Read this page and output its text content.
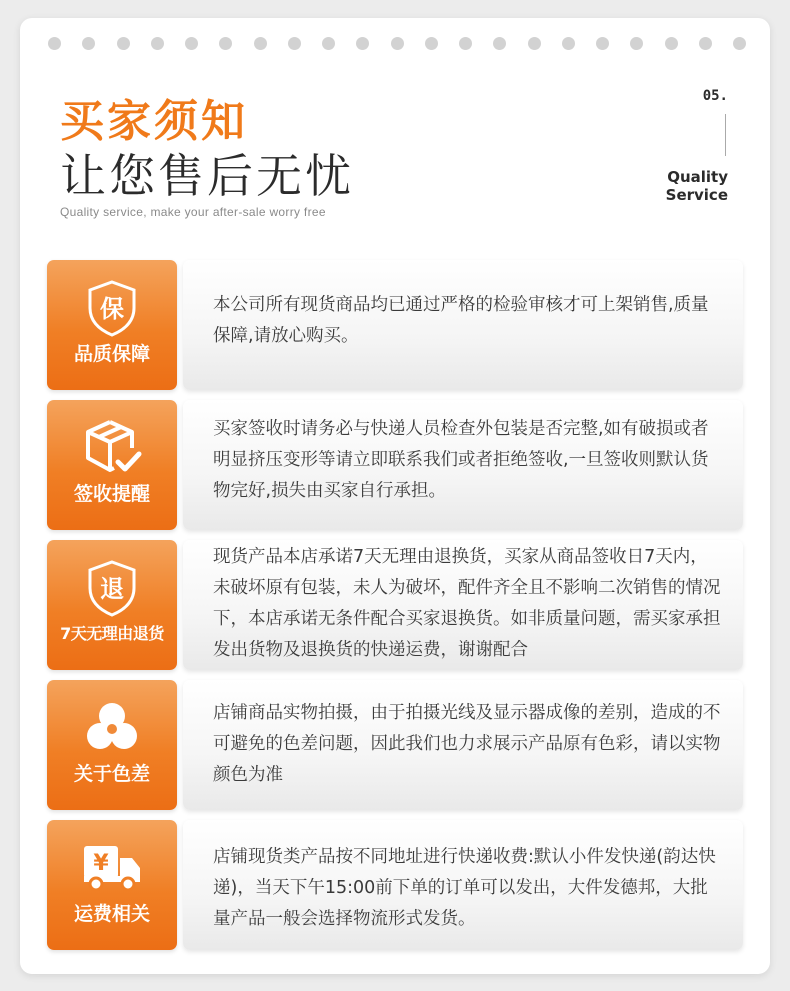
买家须知
让您售后无忧
Quality service, make your after-sale worry free
05.
Quality
Service
保
品质保障
本公司所有现货商品均已通过严格的检验审核才可上架销售,质量保障,请放心购买。
签收提醒
买家签收时请务必与快递人员检查外包装是否完整,如有破损或者明显挤压变形等请立即联系我们或者拒绝签收,一旦签收则默认货物完好,损失由买家自行承担。
退
7天无理由退货
现货产品本店承诺7天无理由退换货，买家从商品签收日7天内，未破坏原有包装，未人为破坏，配件齐全且不影响二次销售的情况下，本店承诺无条件配合买家退换货。如非质量问题，需买家承担发出货物及退换货的快递运费，谢谢配合
关于色差
店铺商品实物拍摄，由于拍摄光线及显示器成像的差别，造成的不可避免的色差问题，因此我们也力求展示产品原有色彩，请以实物颜色为准
¥
运费相关
店铺现货类产品按不同地址进行快递收费:默认小件发快递(韵达快递)，当天下午15:00前下单的订单可以发出，大件发德邦，大批量产品一般会选择物流形式发货。
